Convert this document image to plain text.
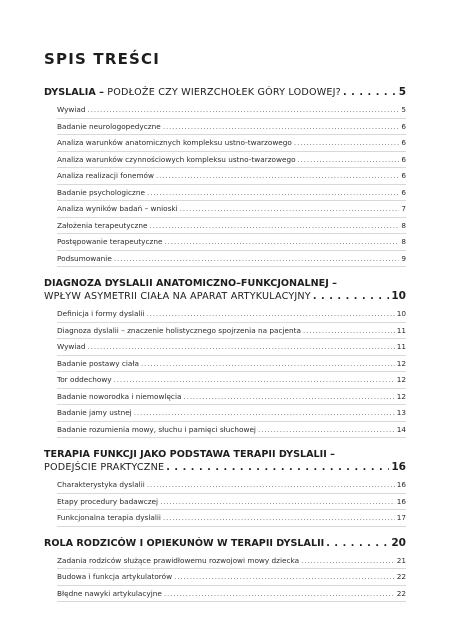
SPIS TREŚCI
DYSLALIA – PODŁOŻE CZY WIERZCHOŁEK GÓRY LODOWEJ? . . .	5
Wywiad .....	5
Badanie neurologopedyczne .....	6
Analiza warunków anatomicznych kompleksu ustno-twarzowego .....	6
Analiza warunków czynnościowych kompleksu ustno-twarzowego .....	6
Analiza realizacji fonemów .....	6
Badanie psychologiczne .....	6
Analiza wyników badań – wnioski .....	7
Założenia terapeutyczne .....	8
Postępowanie terapeutyczne .....	8
Podsumowanie .....	9
DIAGNOZA DYSLALII ANATOMICZNO–FUNKCJONALNEJ –
WPŁYW ASYMETRII CIAŁA NA APARAT ARTYKULACYJNY . . .	10
Definicja i formy dyslalii .....	10
Diagnoza dyslalii – znaczenie holistycznego spojrzenia na pacjenta .....	11
Wywiad .....	11
Badanie postawy ciała .....	12
Tor oddechowy .....	12
Badanie noworodka i niemowlęcia .....	12
Badanie jamy ustnej .....	13
Badanie rozumienia mowy, słuchu i pamięci słuchowej .....	14
TERAPIA FUNKCJI JAKO PODSTAWA TERAPII DYSLALII –
PODEJŚCIE PRAKTYCZNE . . .	16
Charakterystyka dyslalii .....	16
Etapy procedury badawczej .....	16
Funkcjonalna terapia dyslalii .....	17
ROLA RODZICÓW I OPIEKUNÓW W TERAPII DYSLALII . . .	20
Zadania rodziców służące prawidłowemu rozwojowi mowy dziecka .....	21
Budowa i funkcja artykulatorów .....	22
Błędne nawyki artykulacyjne .....	22
